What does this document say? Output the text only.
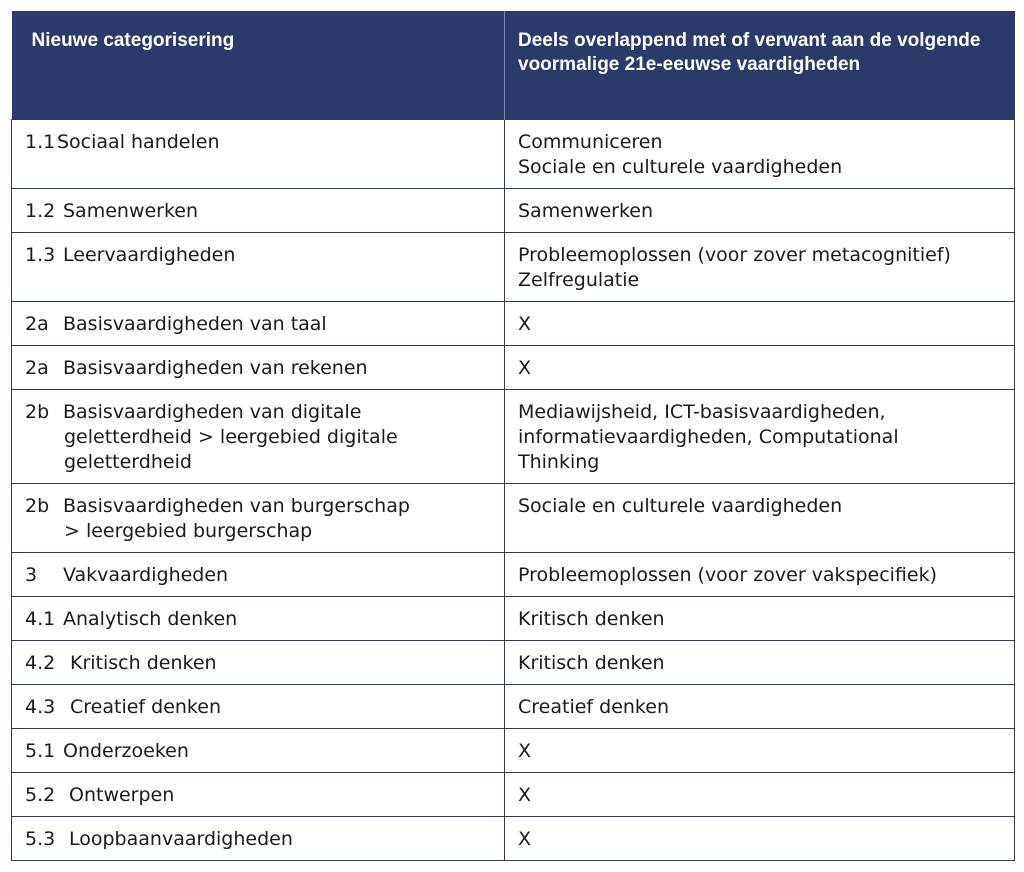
Nieuwe categorisering	Deels overlappend met of verwant aan de volgende voormalige 21e-eeuwse vaardigheden

1.1Sociaal handelen	Communiceren
Sociale en culturele vaardigheden

1.2 Samenwerken	Samenwerken

1.3 Leervaardigheden	Probleemoplossen (voor zover metacognitief)
Zelfregulatie

2a Basisvaardigheden van taal	X

2a Basisvaardigheden van rekenen	X

2b Basisvaardigheden van digitale
geletterdheid > leergebied digitale
geletterdheid	Mediawijsheid, ICT-basisvaardigheden,
informatievaardigheden, Computational
Thinking

2b Basisvaardigheden van burgerschap
> leergebied burgerschap	Sociale en culturele vaardigheden

3 Vakvaardigheden	Probleemoplossen (voor zover vakspecifiek)

4.1 Analytisch denken	Kritisch denken

4.2 Kritisch denken	Kritisch denken

4.3 Creatief denken	Creatief denken

5.1 Onderzoeken	X

5.2 Ontwerpen	X

5.3 Loopbaanvaardigheden	X
